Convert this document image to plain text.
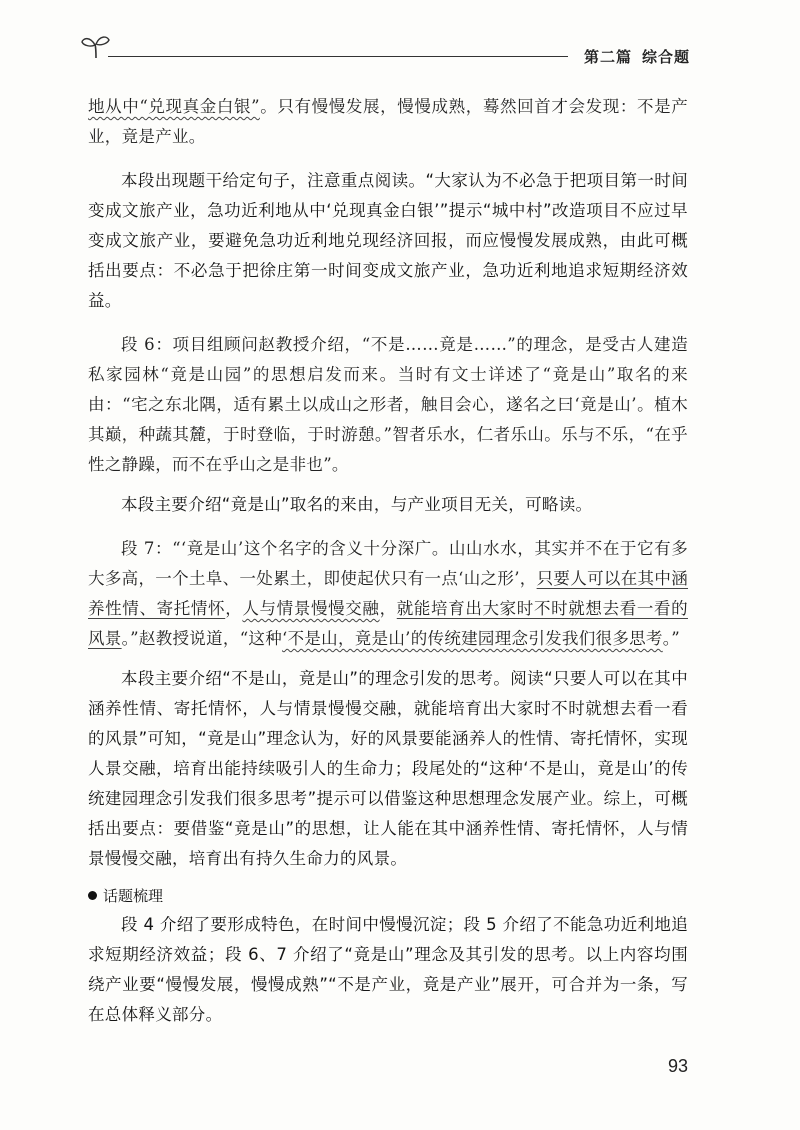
第二篇 综合题

地从中“兑现真金白银”。只有慢慢发展，慢慢成熟，蓦然回首才会发现：不是产业，竟是产业。

本段出现题干给定句子，注意重点阅读。“大家认为不必急于把项目第一时间变成文旅产业，急功近利地从中‘兑现真金白银’”提示“城中村”改造项目不应过早变成文旅产业，要避免急功近利地兑现经济回报，而应慢慢发展成熟，由此可概括出要点：不必急于把徐庄第一时间变成文旅产业，急功近利地追求短期经济效益。

段 6：项目组顾问赵教授介绍，“不是……竟是……”的理念，是受古人建造私家园林“竟是山园”的思想启发而来。当时有文士详述了“竟是山”取名的来由：“宅之东北隅，适有累土以成山之形者，触目会心，遂名之曰‘竟是山’。植木其巅，种蔬其麓，于时登临，于时游憩。”智者乐水，仁者乐山。乐与不乐，“在乎性之静躁，而不在乎山之是非也”。

本段主要介绍“竟是山”取名的来由，与产业项目无关，可略读。

段 7：“‘竟是山’这个名字的含义十分深广。山山水水，其实并不在于它有多大多高，一个土阜、一处累土，即使起伏只有一点‘山之形’，只要人可以在其中涵养性情、寄托情怀，人与情景慢慢交融，就能培育出大家时不时就想去看一看的风景。”赵教授说道，“这种‘不是山，竟是山’的传统建园理念引发我们很多思考。”

本段主要介绍“不是山，竟是山”的理念引发的思考。阅读“只要人可以在其中涵养性情、寄托情怀，人与情景慢慢交融，就能培育出大家时不时就想去看一看的风景”可知，“竟是山”理念认为，好的风景要能涵养人的性情、寄托情怀，实现人景交融，培育出能持续吸引人的生命力；段尾处的“这种‘不是山，竟是山’的传统建园理念引发我们很多思考”提示可以借鉴这种思想理念发展产业。综上，可概括出要点：要借鉴“竟是山”的思想，让人能在其中涵养性情、寄托情怀，人与情景慢慢交融，培育出有持久生命力的风景。

话题梳理

段 4 介绍了要形成特色，在时间中慢慢沉淀；段 5 介绍了不能急功近利地追求短期经济效益；段 6、7 介绍了“竟是山”理念及其引发的思考。以上内容均围绕产业要“慢慢发展，慢慢成熟”“不是产业，竟是产业”展开，可合并为一条，写在总体释义部分。

93
